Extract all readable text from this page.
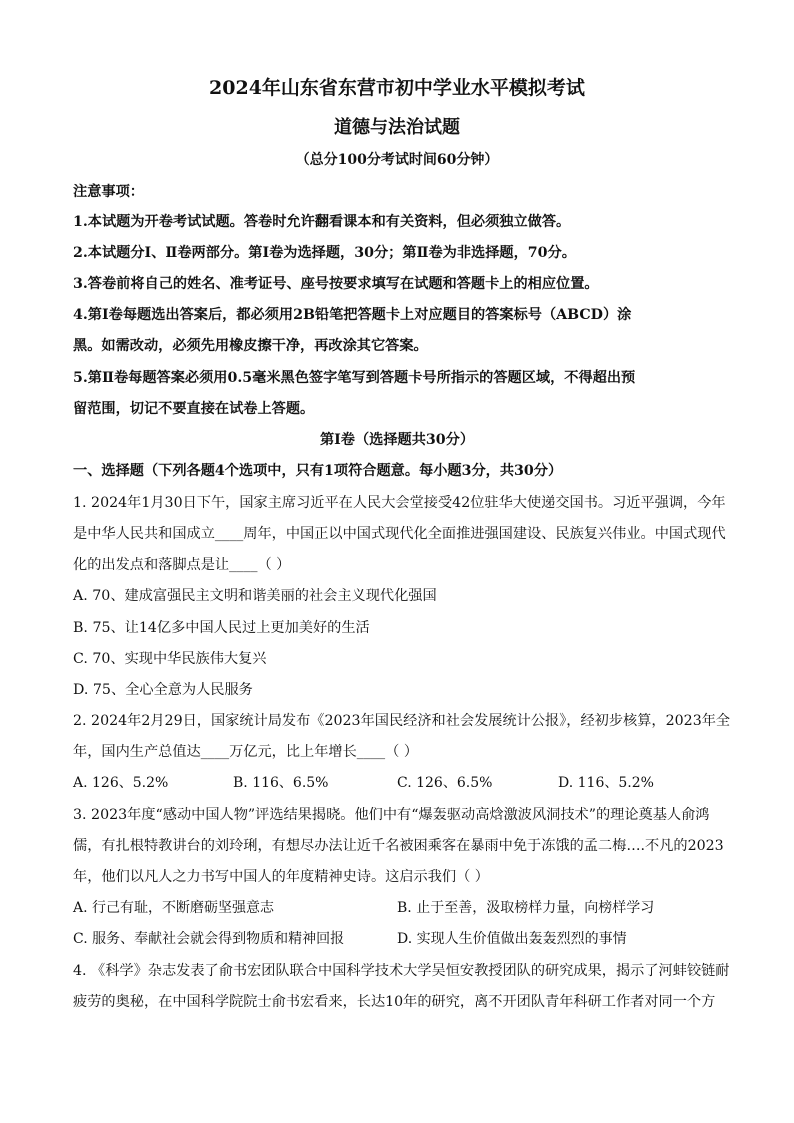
2024年山东省东营市初中学业水平模拟考试
道德与法治试题
（总分100分考试时间60分钟）
注意事项：
1.本试题为开卷考试试题。答卷时允许翻看课本和有关资料，但必须独立做答。
2.本试题分Ⅰ、Ⅱ卷两部分。第Ⅰ卷为选择题，30分；第Ⅱ卷为非选择题，70分。
3.答卷前将自己的姓名、准考证号、座号按要求填写在试题和答题卡上的相应位置。
4.第Ⅰ卷每题选出答案后，都必须用2B铅笔把答题卡上对应题目的答案标号（ABCD）涂
黑。如需改动，必须先用橡皮擦干净，再改涂其它答案。
5.第Ⅱ卷每题答案必须用0.5毫米黑色签字笔写到答题卡号所指示的答题区域，不得超出预
留范围，切记不要直接在试卷上答题。
第Ⅰ卷（选择题共30分）
一、选择题（下列各题4个选项中，只有1项符合题意。每小题3分，共30分）
1. 2024年1月30日下午，国家主席习近平在人民大会堂接受42位驻华大使递交国书。习近平强调，今年
是中华人民共和国成立____周年，中国正以中国式现代化全面推进强国建设、民族复兴伟业。中国式现代
化的出发点和落脚点是让____（ ）
A. 70、建成富强民主文明和谐美丽的社会主义现代化强国
B. 75、让14亿多中国人民过上更加美好的生活
C. 70、实现中华民族伟大复兴
D. 75、全心全意为人民服务
2. 2024年2月29日，国家统计局发布《2023年国民经济和社会发展统计公报》，经初步核算，2023年全
年，国内生产总值达____万亿元，比上年增长____（ ）
A. 126、5.2%	B. 116、6.5%	C. 126、6.5%	D. 116、5.2%
3. 2023年度“感动中国人物”评选结果揭晓。他们中有“爆轰驱动高焓激波风洞技术”的理论奠基人俞鸿
儒，有扎根特教讲台的刘玲琍，有想尽办法让近千名被困乘客在暴雨中免于冻饿的孟二梅….不凡的2023
年，他们以凡人之力书写中国人的年度精神史诗。这启示我们（ ）
A. 行己有耻，不断磨砺坚强意志	B. 止于至善，汲取榜样力量，向榜样学习
C. 服务、奉献社会就会得到物质和精神回报	D. 实现人生价值做出轰轰烈烈的事情
4. 《科学》杂志发表了俞书宏团队联合中国科学技术大学吴恒安教授团队的研究成果，揭示了河蚌铰链耐
疲劳的奥秘，在中国科学院院士俞书宏看来，长达10年的研究，离不开团队青年科研工作者对同一个方
